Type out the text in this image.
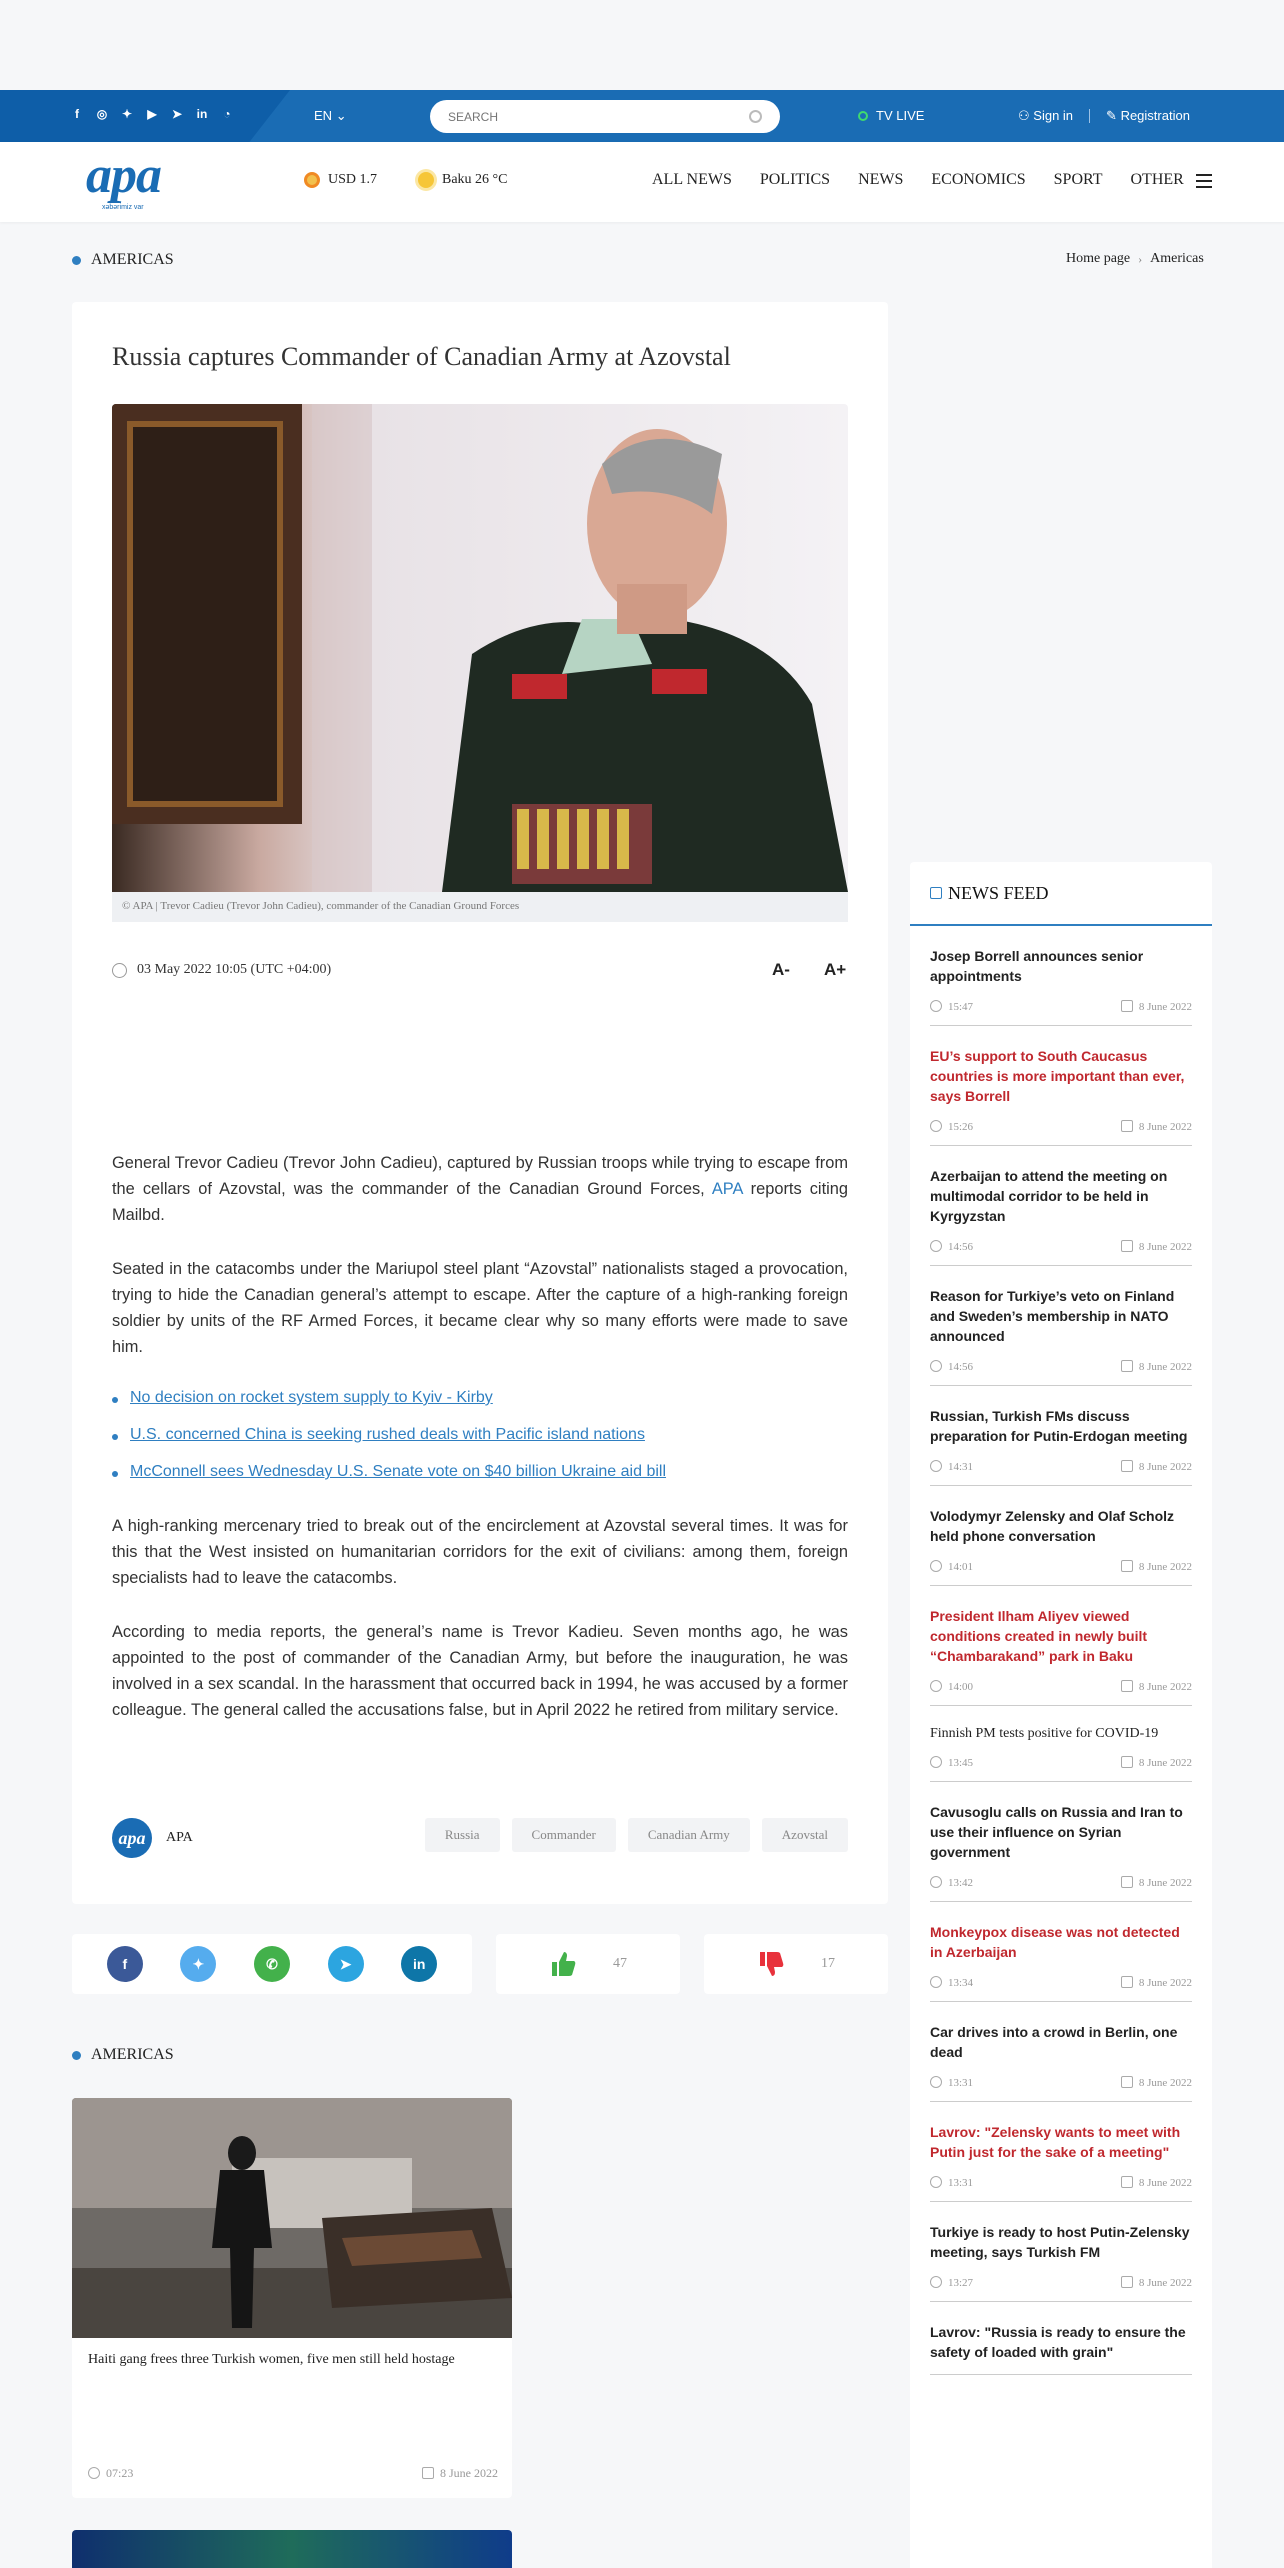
f	◎ ✦ ▶ ➤ in ◔	EN ⌄
SEARCH	TV LIVE	⚇ Sign in	✎ Registration
apa
xəbərimiz var
USD 1.7	Baku 26 °C	ALL NEWS POLITICS NEWS ECONOMICS SPORT OTHER
AMERICAS	Home page › Americas
Russia captures Commander of Canadian Army at Azovstal
© APA | Trevor Cadieu (Trevor John Cadieu), commander of the Canadian Ground Forces
03 May 2022 10:05 (UTC +04:00)	A- A+

General Trevor Cadieu (Trevor John Cadieu), captured by Russian troops while trying to escape from the cellars of Azovstal, was the commander of the Canadian Ground Forces, APA reports citing Mailbd.

Seated in the catacombs under the Mariupol steel plant “Azovstal” nationalists staged a provocation, trying to hide the Canadian general’s attempt to escape. After the capture of a high-ranking foreign soldier by units of the RF Armed Forces, it became clear why so many efforts were made to save him.

No decision on rocket system supply to Kyiv - Kirby
U.S. concerned China is seeking rushed deals with Pacific island nations
McConnell sees Wednesday U.S. Senate vote on $40 billion Ukraine aid bill

A high-ranking mercenary tried to break out of the encirclement at Azovstal several times. It was for this that the West insisted on humanitarian corridors for the exit of civilians: among them, foreign specialists had to leave the catacombs.

According to media reports, the general’s name is Trevor Kadieu. Seven months ago, he was appointed to the post of commander of the Canadian Army, but before the inauguration, he was involved in a sex scandal. In the harassment that occurred back in 1994, he was accused by a former colleague. The general called the accusations false, but in April 2022 he retired from military service.

apa	APA	Russia	Commander	Canadian Army	Azovstal
f	✦	✆	➤	in	47	17
AMERICAS
Haiti gang frees three Turkish women, five men still held hostage
07:23	8 June 2022
NEWS FEED
Josep Borrell announces senior appointments
15:47	8 June 2022
EU’s support to South Caucasus countries is more important than ever, says Borrell
15:26	8 June 2022
Azerbaijan to attend the meeting on multimodal corridor to be held in Kyrgyzstan
14:56	8 June 2022
Reason for Turkiye’s veto on Finland and Sweden’s membership in NATO announced
14:56	8 June 2022
Russian, Turkish FMs discuss preparation for Putin-Erdogan meeting
14:31	8 June 2022
Volodymyr Zelensky and Olaf Scholz held phone conversation
14:01	8 June 2022
President Ilham Aliyev viewed conditions created in newly built “Chambarakand” park in Baku
14:00	8 June 2022
Finnish PM tests positive for COVID-19
13:45	8 June 2022
Cavusoglu calls on Russia and Iran to use their influence on Syrian government
13:42	8 June 2022
Monkeypox disease was not detected in Azerbaijan
13:34	8 June 2022
Car drives into a crowd in Berlin, one dead
13:31	8 June 2022
Lavrov: "Zelensky wants to meet with Putin just for the sake of a meeting"
13:31	8 June 2022
Turkiye is ready to host Putin-Zelensky meeting, says Turkish FM
13:27	8 June 2022
Lavrov: "Russia is ready to ensure the safety of loaded with grain"
